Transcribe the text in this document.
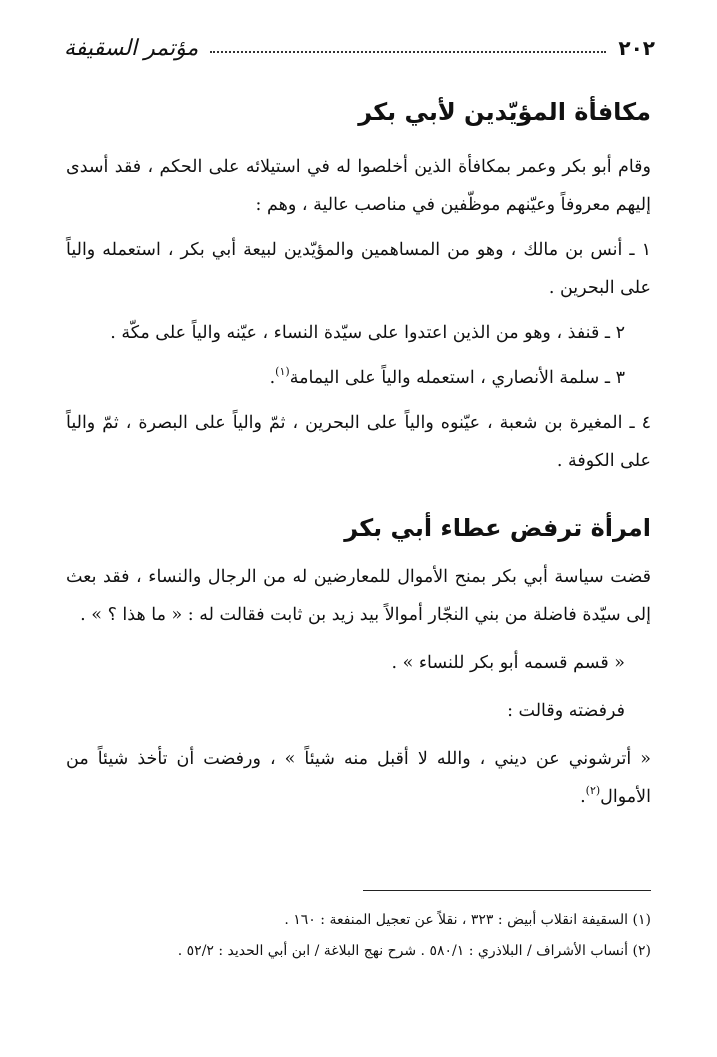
مؤتمر السقيفة	٢٠٢
مكافأة المؤيّدين لأبي بكر

وقام أبو بكر وعمر بمكافأة الذين أخلصوا له في استيلائه على الحكم ، فقد أسدى إليهم معروفاً وعيّنهم موظّفين في مناصب عالية ، وهم :

١ ـ أنس بن مالك ، وهو من المساهمين والمؤيّدين لبيعة أبي بكر ، استعمله والياً على البحرين .

٢ ـ قنفذ ، وهو من الذين اعتدوا على سيّدة النساء ، عيّنه والياً على مكّة .

٣ ـ سلمة الأنصاري ، استعمله والياً على اليمامة$^{(١)}$.

٤ ـ المغيرة بن شعبة ، عيّنوه والياً على البحرين ، ثمّ والياً على البصرة ، ثمّ والياً على الكوفة .

امرأة ترفض عطاء أبي بكر

قضت سياسة أبي بكر بمنح الأموال للمعارضين له من الرجال والنساء ، فقد بعث إلى سيّدة فاضلة من بني النجّار أموالاً بيد زيد بن ثابت فقالت له : « ما هذا ؟ » .

« قسم قسمه أبو بكر للنساء » .

فرفضته وقالت :

« أترشوني عن ديني ، والله لا أقبل منه شيئاً » ، ورفضت أن تأخذ شيئاً من الأموال$^{(٢)}$.

(١) السقيفة انقلاب أبيض : ٣٢٣ ، نقلاً عن تعجيل المنفعة : ١٦٠ .

(٢) أنساب الأشراف / البلاذري : ٥٨٠/١ . شرح نهج البلاغة / ابن أبي الحديد : ٥٢/٢ .
